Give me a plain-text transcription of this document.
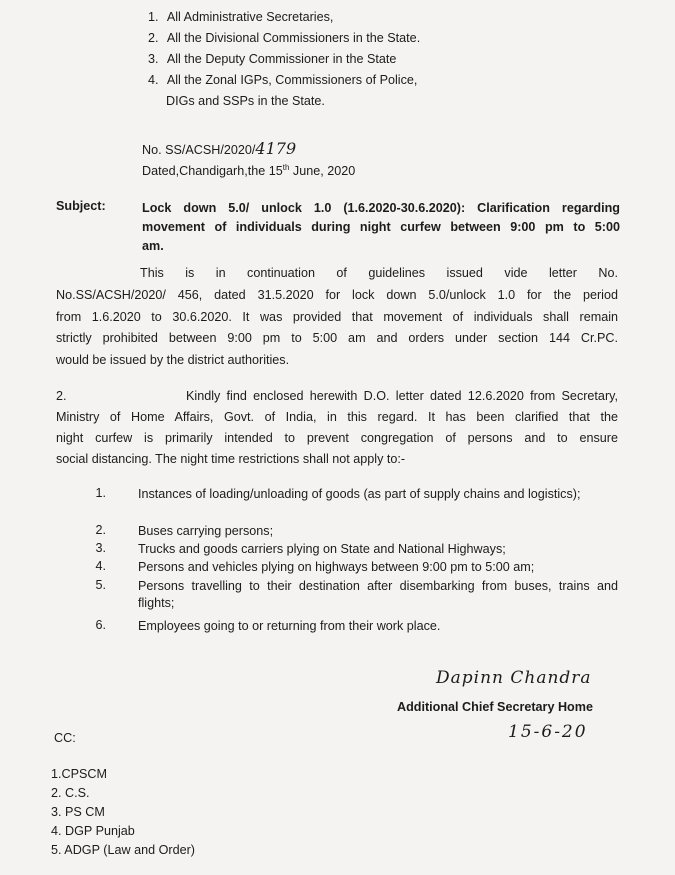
1. All Administrative Secretaries,
2. All the Divisional Commissioners in the State.
3. All the Deputy Commissioner in the State
4. All the Zonal IGPs, Commissioners of Police,
DIGs and SSPs in the State.
No. SS/ACSH/2020/4179
Dated,Chandigarh,the 15th June, 2020
Subject:	Lock down 5.0/ unlock 1.0 (1.6.2020-30.6.2020): Clarification regarding
movement of individuals during night curfew between 9:00 pm to 5:00
am.
This is in continuation of guidelines issued vide letter No.
No.SS/ACSH/2020/ 456, dated 31.5.2020 for lock down 5.0/unlock 1.0 for the period
from 1.6.2020 to 30.6.2020. It was provided that movement of individuals shall remain
strictly prohibited between 9:00 pm to 5:00 am and orders under section 144 Cr.PC.
would be issued by the district authorities.
2.	Kindly find enclosed herewith D.O. letter dated 12.6.2020 from Secretary,
Ministry of Home Affairs, Govt. of India, in this regard. It has been clarified that the
night curfew is primarily intended to prevent congregation of persons and to ensure
social distancing. The night time restrictions shall not apply to:-
1.	Instances of loading/unloading of goods (as part of supply chains and logistics);
2.	Buses carrying persons;
3.	Trucks and goods carriers plying on State and National Highways;
4.	Persons and vehicles plying on highways between 9:00 pm to 5:00 am;
5.	Persons travelling to their destination after disembarking from buses, trains and flights;
6.	Employees going to or returning from their work place.
Dapinn Chandra
Additional Chief Secretary Home
15-6-20
CC:
1.CPSCM
2. C.S.
3. PS CM
4. DGP Punjab
5. ADGP (Law and Order)
